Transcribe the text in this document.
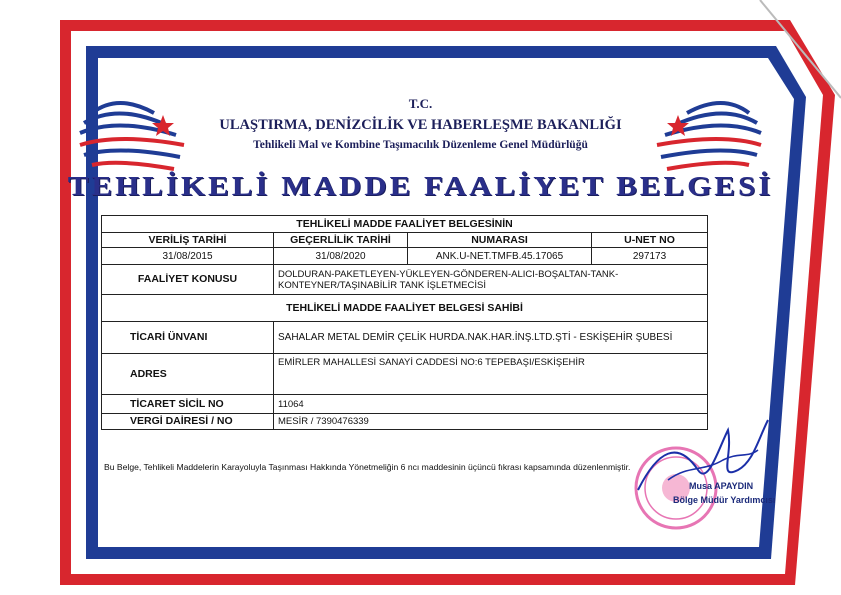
T.C.
ULAŞTIRMA, DENİZCİLİK VE HABERLEŞME BAKANLIĞI
Tehlikeli Mal ve Kombine Taşımacılık Düzenleme Genel Müdürlüğü
TEHLİKELİ MADDE FAALİYET BELGESİ
TEHLİKELİ MADDE FAALİYET BELGESİNİN			
VERİLİŞ TARİHİ	GEÇERLİLİK TARİHİ	NUMARASI	U-NET NO
31/08/2015	31/08/2020	ANK.U-NET.TMFB.45.17065	297173
FAALİYET KONUSU	DOLDURAN-PAKETLEYEN-YÜKLEYEN-GÖNDEREN-ALICI-BOŞALTAN-TANK-KONTEYNER/TAŞINABİLİR TANK İŞLETMECİSİ		
TEHLİKELİ MADDE FAALİYET BELGESİ SAHİBİ			
TİCARİ ÜNVANI	SAHALAR METAL DEMİR ÇELİK HURDA.NAK.HAR.İNŞ.LTD.ŞTİ - ESKİŞEHİR ŞUBESİ		
ADRES	EMİRLER MAHALLESİ SANAYİ CADDESİ NO:6 TEPEBAŞI/ESKİŞEHİR		
TİCARET SİCİL NO	11064		
VERGİ DAİRESİ / NO	MESİR / 7390476339		
Bu Belge, Tehlikeli Maddelerin Karayoluyla Taşınması Hakkında Yönetmeliğin 6 ncı maddesinin üçüncü fıkrası kapsamında düzenlenmiştir.
Musa APAYDIN
Bölge Müdür Yardımcısı
